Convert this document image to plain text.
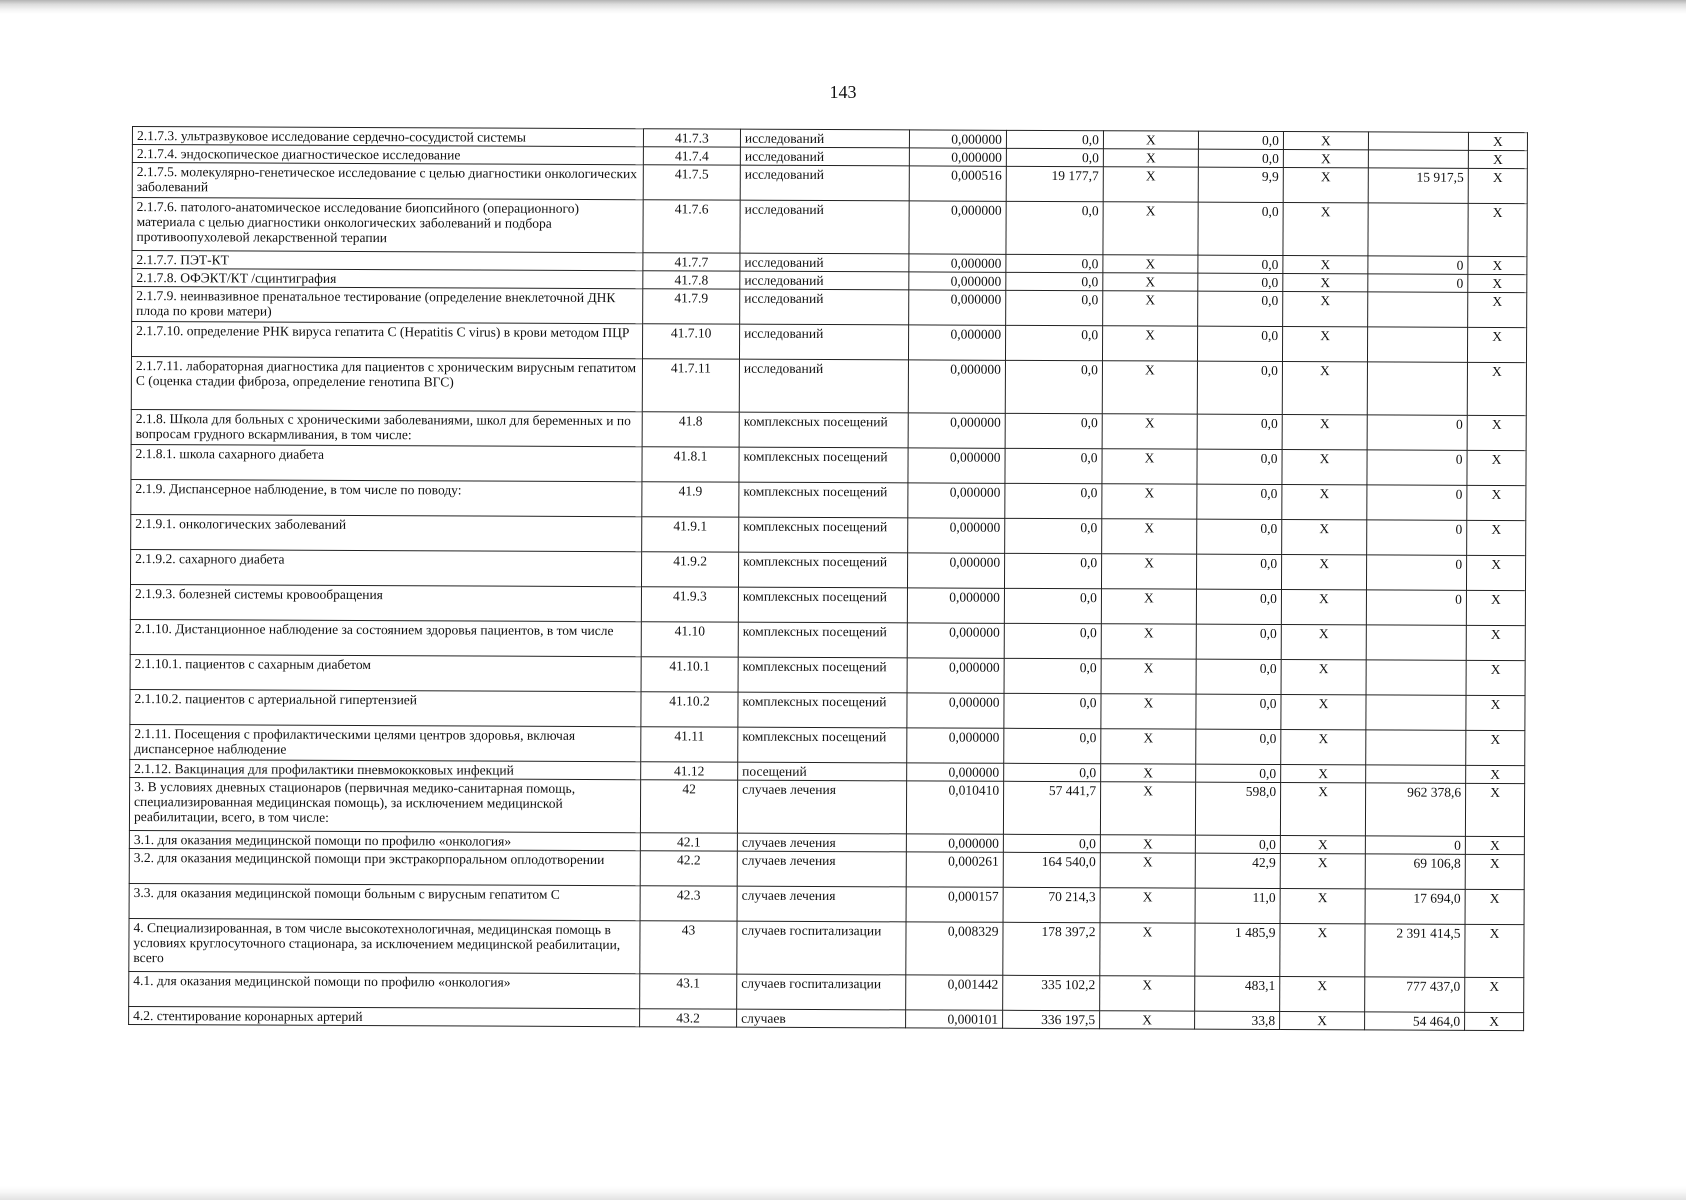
143
2.1.7.3. ультразвуковое исследование сердечно-сосудистой системы	41.7.3	исследований	0,000000	0,0	X	0,0	X		X
2.1.7.4. эндоскопическое диагностическое исследование	41.7.4	исследований	0,000000	0,0	X	0,0	X		X
2.1.7.5. молекулярно-генетическое исследование с целью диагностики онкологических заболеваний	41.7.5	исследований	0,000516	19 177,7	X	9,9	X	15 917,5	X
2.1.7.6. патолого-анатомическое исследование биопсийного (операционного) материала с целью диагностики онкологических заболеваний и подбора противоопухолевой лекарственной терапии	41.7.6	исследований	0,000000	0,0	X	0,0	X		X
2.1.7.7. ПЭТ-КТ	41.7.7	исследований	0,000000	0,0	X	0,0	X	0	X
2.1.7.8. ОФЭКТ/КТ /сцинтиграфия	41.7.8	исследований	0,000000	0,0	X	0,0	X	0	X
2.1.7.9. неинвазивное пренатальное тестирование (определение внеклеточной ДНК плода по крови матери)	41.7.9	исследований	0,000000	0,0	X	0,0	X		X
2.1.7.10. определение РНК вируса гепатита С (Hepatitis C virus) в крови методом ПЦР	41.7.10	исследований	0,000000	0,0	X	0,0	X		X
2.1.7.11. лабораторная диагностика для пациентов с хроническим вирусным гепатитом С (оценка стадии фиброза, определение генотипа ВГС)	41.7.11	исследований	0,000000	0,0	X	0,0	X		X
2.1.8. Школа для больных с хроническими заболеваниями, школ для беременных и по вопросам грудного вскармливания, в том числе:	41.8	комплексных посещений	0,000000	0,0	X	0,0	X	0	X
2.1.8.1. школа сахарного диабета	41.8.1	комплексных посещений	0,000000	0,0	X	0,0	X	0	X
2.1.9. Диспансерное наблюдение, в том числе по поводу:	41.9	комплексных посещений	0,000000	0,0	X	0,0	X	0	X
2.1.9.1. онкологических заболеваний	41.9.1	комплексных посещений	0,000000	0,0	X	0,0	X	0	X
2.1.9.2. сахарного диабета	41.9.2	комплексных посещений	0,000000	0,0	X	0,0	X	0	X
2.1.9.3. болезней системы кровообращения	41.9.3	комплексных посещений	0,000000	0,0	X	0,0	X	0	X
2.1.10. Дистанционное наблюдение за состоянием здоровья пациентов, в том числе	41.10	комплексных посещений	0,000000	0,0	X	0,0	X		X
2.1.10.1. пациентов с сахарным диабетом	41.10.1	комплексных посещений	0,000000	0,0	X	0,0	X		X
2.1.10.2. пациентов с артериальной гипертензией	41.10.2	комплексных посещений	0,000000	0,0	X	0,0	X		X
2.1.11. Посещения с профилактическими целями центров здоровья, включая диспансерное наблюдение	41.11	комплексных посещений	0,000000	0,0	X	0,0	X		X
2.1.12. Вакцинация для профилактики пневмококковых инфекций	41.12	посещений	0,000000	0,0	X	0,0	X		X
3. В условиях дневных стационаров (первичная медико-санитарная помощь, специализированная медицинская помощь), за исключением медицинской реабилитации, всего, в том числе:	42	случаев лечения	0,010410	57 441,7	X	598,0	X	962 378,6	X
3.1. для оказания медицинской помощи по профилю «онкология»	42.1	случаев лечения	0,000000	0,0	X	0,0	X	0	X
3.2. для оказания медицинской помощи при экстракорпоральном оплодотворении	42.2	случаев лечения	0,000261	164 540,0	X	42,9	X	69 106,8	X
3.3. для оказания медицинской помощи больным с вирусным гепатитом С	42.3	случаев лечения	0,000157	70 214,3	X	11,0	X	17 694,0	X
4. Специализированная, в том числе высокотехнологичная, медицинская помощь в условиях круглосуточного стационара, за исключением медицинской реабилитации, всего	43	случаев госпитализации	0,008329	178 397,2	X	1 485,9	X	2 391 414,5	X
4.1. для оказания медицинской помощи по профилю «онкология»	43.1	случаев госпитализации	0,001442	335 102,2	X	483,1	X	777 437,0	X
4.2. стентирование коронарных артерий	43.2	случаев	0,000101	336 197,5	X	33,8	X	54 464,0	X
